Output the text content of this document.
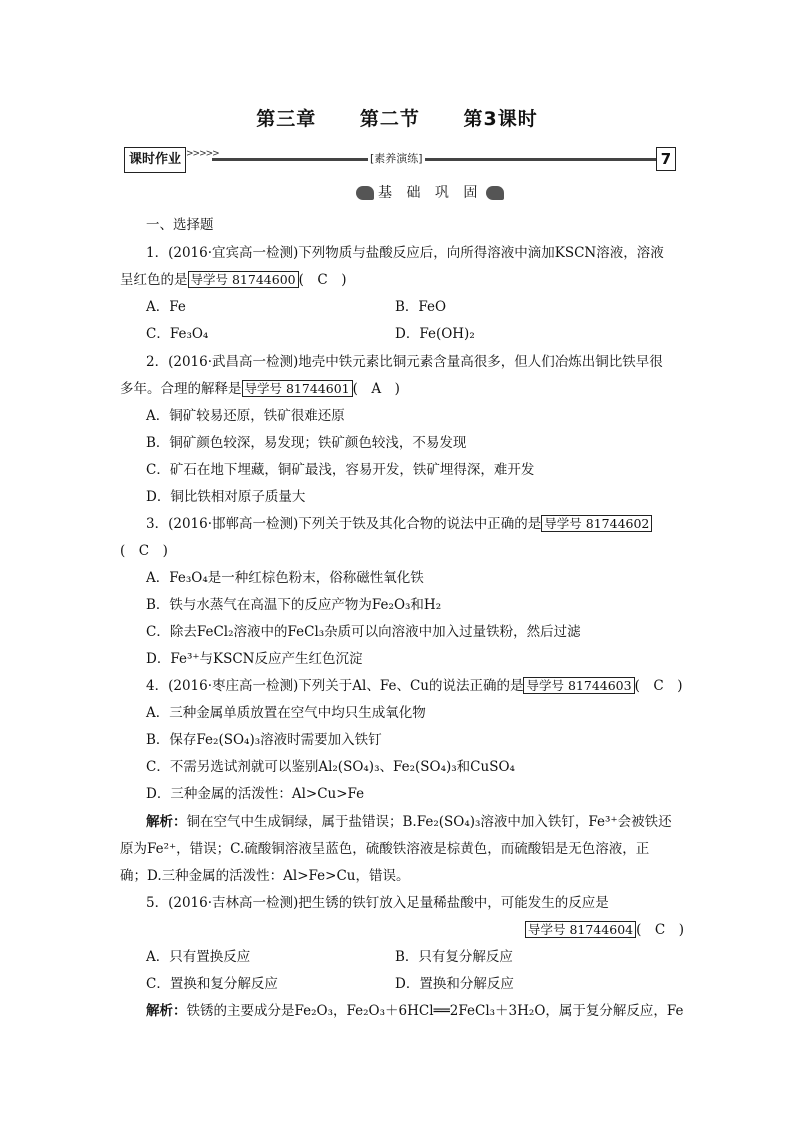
第三章 第二节 第3课时
课时作业 >>>>>	[素养演练]	7
基 础 巩 固
一、选择题
1．(2016·宜宾高一检测)下列物质与盐酸反应后，向所得溶液中滴加KSCN溶液，溶液
呈红色的是 导学号 81744600 (　C　)
A．Fe	B．FeO
C．Fe₃O₄	D．Fe(OH)₂
2．(2016·武昌高一检测)地壳中铁元素比铜元素含量高很多，但人们冶炼出铜比铁早很
多年。合理的解释是 导学号 81744601 (　A　)
A．铜矿较易还原，铁矿很难还原
B．铜矿颜色较深，易发现；铁矿颜色较浅，不易发现
C．矿石在地下埋藏，铜矿最浅，容易开发，铁矿埋得深，难开发
D．铜比铁相对原子质量大
3．(2016·邯郸高一检测)下列关于铁及其化合物的说法中正确的是 导学号 81744602
(　C　)
A．Fe₃O₄是一种红棕色粉末，俗称磁性氧化铁
B．铁与水蒸气在高温下的反应产物为Fe₂O₃和H₂
C．除去FeCl₂溶液中的FeCl₃杂质可以向溶液中加入过量铁粉，然后过滤
D．Fe³⁺与KSCN反应产生红色沉淀
4．(2016·枣庄高一检测)下列关于Al、Fe、Cu的说法正确的是 导学号 81744603 (　C　)
A．三种金属单质放置在空气中均只生成氧化物
B．保存Fe₂(SO₄)₃溶液时需要加入铁钉
C．不需另选试剂就可以鉴别Al₂(SO₄)₃、Fe₂(SO₄)₃和CuSO₄
D．三种金属的活泼性：Al>Cu>Fe
解析：铜在空气中生成铜绿，属于盐错误；B.Fe₂(SO₄)₃溶液中加入铁钉，Fe³⁺会被铁还
原为Fe²⁺，错误；C.硫酸铜溶液呈蓝色，硫酸铁溶液是棕黄色，而硫酸铝是无色溶液，正
确；D.三种金属的活泼性：Al>Fe>Cu，错误。
5．(2016·吉林高一检测)把生锈的铁钉放入足量稀盐酸中，可能发生的反应是
导学号 81744604 (　C　)
A．只有置换反应	B．只有复分解反应
C．置换和复分解反应	D．置换和分解反应
解析：铁锈的主要成分是Fe₂O₃，Fe₂O₃＋6HCl══2FeCl₃＋3H₂O，属于复分解反应，Fe
